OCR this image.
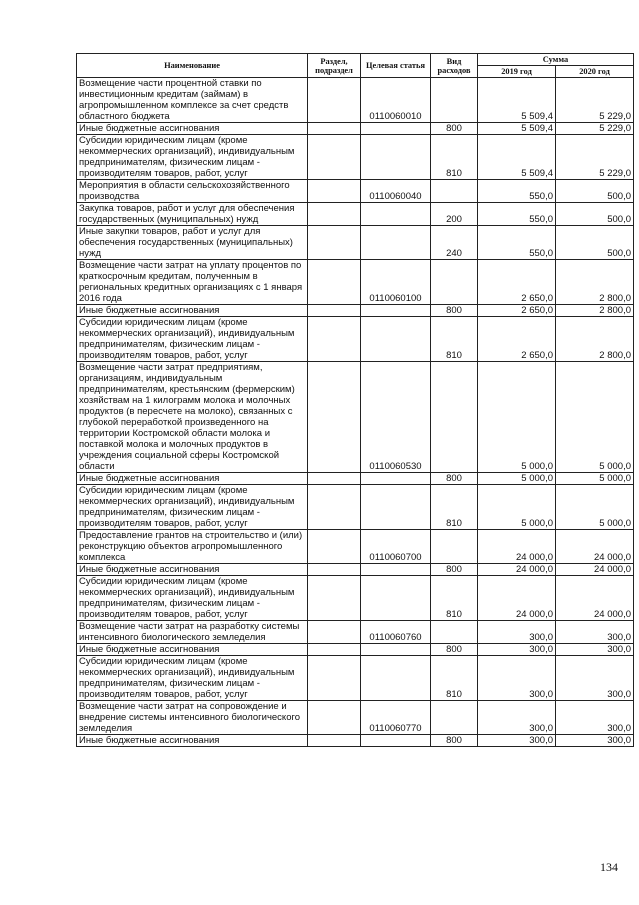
Наименование	Раздел, подраздел	Целевая статья	Вид расходов	Сумма	
				2019 год	2020 год
Возмещение части процентной ставки по инвестиционным кредитам (займам) в агропромышленном комплексе за счет средств областного бюджета		0110060010		5 509,4	5 229,0
Иные бюджетные ассигнования			800	5 509,4	5 229,0
Субсидии юридическим лицам (кроме некоммерческих организаций), индивидуальным предпринимателям, физическим лицам - производителям товаров, работ, услуг			810	5 509,4	5 229,0
Мероприятия в области сельскохозяйственного производства		0110060040		550,0	500,0
Закупка товаров, работ и услуг для обеспечения государственных (муниципальных) нужд			200	550,0	500,0
Иные закупки товаров, работ и услуг для обеспечения государственных (муниципальных) нужд			240	550,0	500,0
Возмещение части затрат на уплату процентов по краткосрочным кредитам, полученным в региональных кредитных организациях с 1 января 2016 года		0110060100		2 650,0	2 800,0
Иные бюджетные ассигнования			800	2 650,0	2 800,0
Субсидии юридическим лицам (кроме некоммерческих организаций), индивидуальным предпринимателям, физическим лицам - производителям товаров, работ, услуг			810	2 650,0	2 800,0
Возмещение части затрат предприятиям, организациям, индивидуальным предпринимателям, крестьянским (фермерским) хозяйствам на 1 килограмм молока и молочных продуктов (в пересчете на молоко), связанных с глубокой переработкой произведенного на территории Костромской области молока и поставкой молока и молочных продуктов в учреждения социальной сферы Костромской области		0110060530		5 000,0	5 000,0
Иные бюджетные ассигнования			800	5 000,0	5 000,0
Субсидии юридическим лицам (кроме некоммерческих организаций), индивидуальным предпринимателям, физическим лицам - производителям товаров, работ, услуг			810	5 000,0	5 000,0
Предоставление грантов на строительство и (или) реконструкцию объектов агропромышленного комплекса		0110060700		24 000,0	24 000,0
Иные бюджетные ассигнования			800	24 000,0	24 000,0
Субсидии юридическим лицам (кроме некоммерческих организаций), индивидуальным предпринимателям, физическим лицам - производителям товаров, работ, услуг			810	24 000,0	24 000,0
Возмещение части затрат на разработку системы интенсивного биологического земледелия		0110060760		300,0	300,0
Иные бюджетные ассигнования			800	300,0	300,0
Субсидии юридическим лицам (кроме некоммерческих организаций), индивидуальным предпринимателям, физическим лицам - производителям товаров, работ, услуг			810	300,0	300,0
Возмещение части затрат на сопровождение и внедрение системы интенсивного биологического земледелия		0110060770		300,0	300,0
Иные бюджетные ассигнования			800	300,0	300,0
134
